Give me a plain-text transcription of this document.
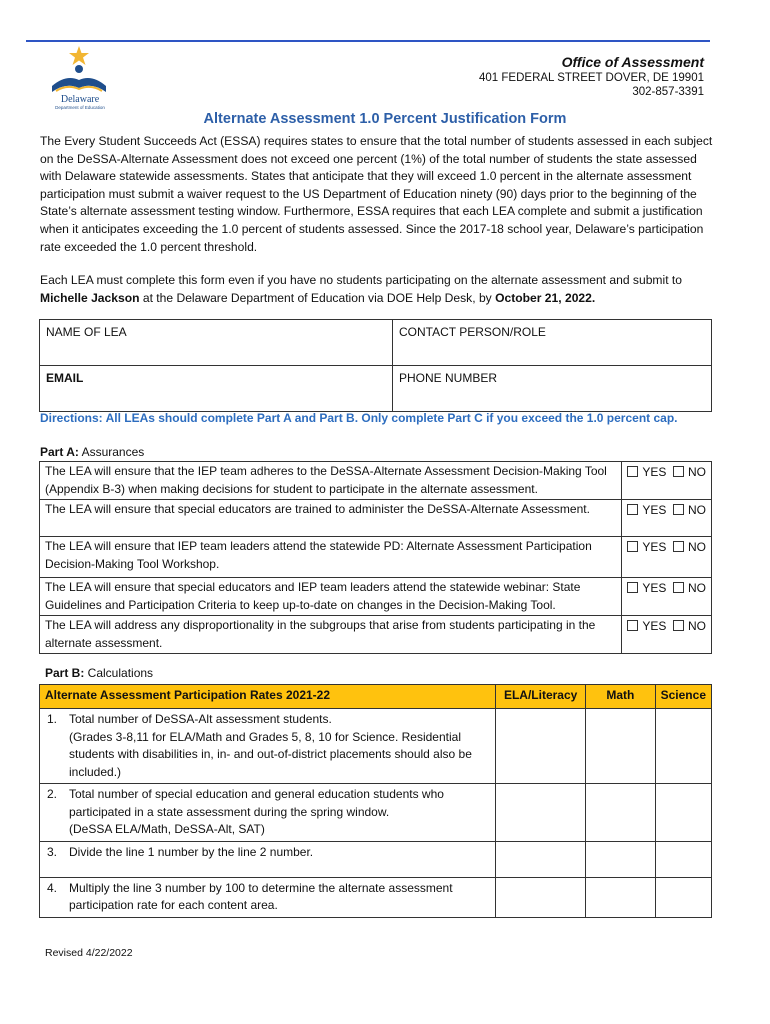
Delaware
Department of Education
Office of Assessment
401 FEDERAL STREET DOVER, DE 19901
302-857-3391
Alternate Assessment 1.0 Percent Justification Form
The Every Student Succeeds Act (ESSA) requires states to ensure that the total number of students assessed in each subject on the DeSSA-Alternate Assessment does not exceed one percent (1%) of the total number of students the state assessed with Delaware statewide assessments. States that anticipate that they will exceed 1.0 percent in the alternate assessment participation must submit a waiver request to the US Department of Education ninety (90) days prior to the beginning of the State’s alternate assessment testing window. Furthermore, ESSA requires that each LEA complete and submit a justification when it anticipates exceeding the 1.0 percent of students assessed. Since the 2017-18 school year, Delaware’s participation rate exceeded the 1.0 percent threshold.
Each LEA must complete this form even if you have no students participating on the alternate assessment and submit to Michelle Jackson at the Delaware Department of Education via DOE Help Desk, by October 21, 2022.
NAME OF LEA	CONTACT PERSON/ROLE
EMAIL	PHONE NUMBER
Directions: All LEAs should complete Part A and Part B. Only complete Part C if you exceed the 1.0 percent cap.
Part A: Assurances
The LEA will ensure that the IEP team adheres to the DeSSA-Alternate Assessment Decision-Making Tool (Appendix B-3) when making decisions for student to participate in the alternate assessment.	YES NO
The LEA will ensure that special educators are trained to administer the DeSSA-Alternate Assessment.	YES NO
The LEA will ensure that IEP team leaders attend the statewide PD: Alternate Assessment Participation Decision-Making Tool Workshop.	YES NO
The LEA will ensure that special educators and IEP team leaders attend the statewide webinar: State Guidelines and Participation Criteria to keep up-to-date on changes in the Decision-Making Tool.	YES NO
The LEA will address any disproportionality in the subgroups that arise from students participating in the alternate assessment.	YES NO
Part B: Calculations
Alternate Assessment Participation Rates 2021-22	ELA/Literacy	Math	Science

1. Total number of DeSSA-Alt assessment students.
(Grades 3-8,11 for ELA/Math and Grades 5, 8, 10 for Science. Residential students with disabilities in, in- and out-of-district placements should also be included.)			

2. Total number of special education and general education students who participated in a state assessment during the spring window.
(DeSSA ELA/Math, DeSSA-Alt, SAT)			

3. Divide the line 1 number by the line 2 number.			

4. Multiply the line 3 number by 100 to determine the alternate assessment participation rate for each content area.			

Revised 4/22/2022
